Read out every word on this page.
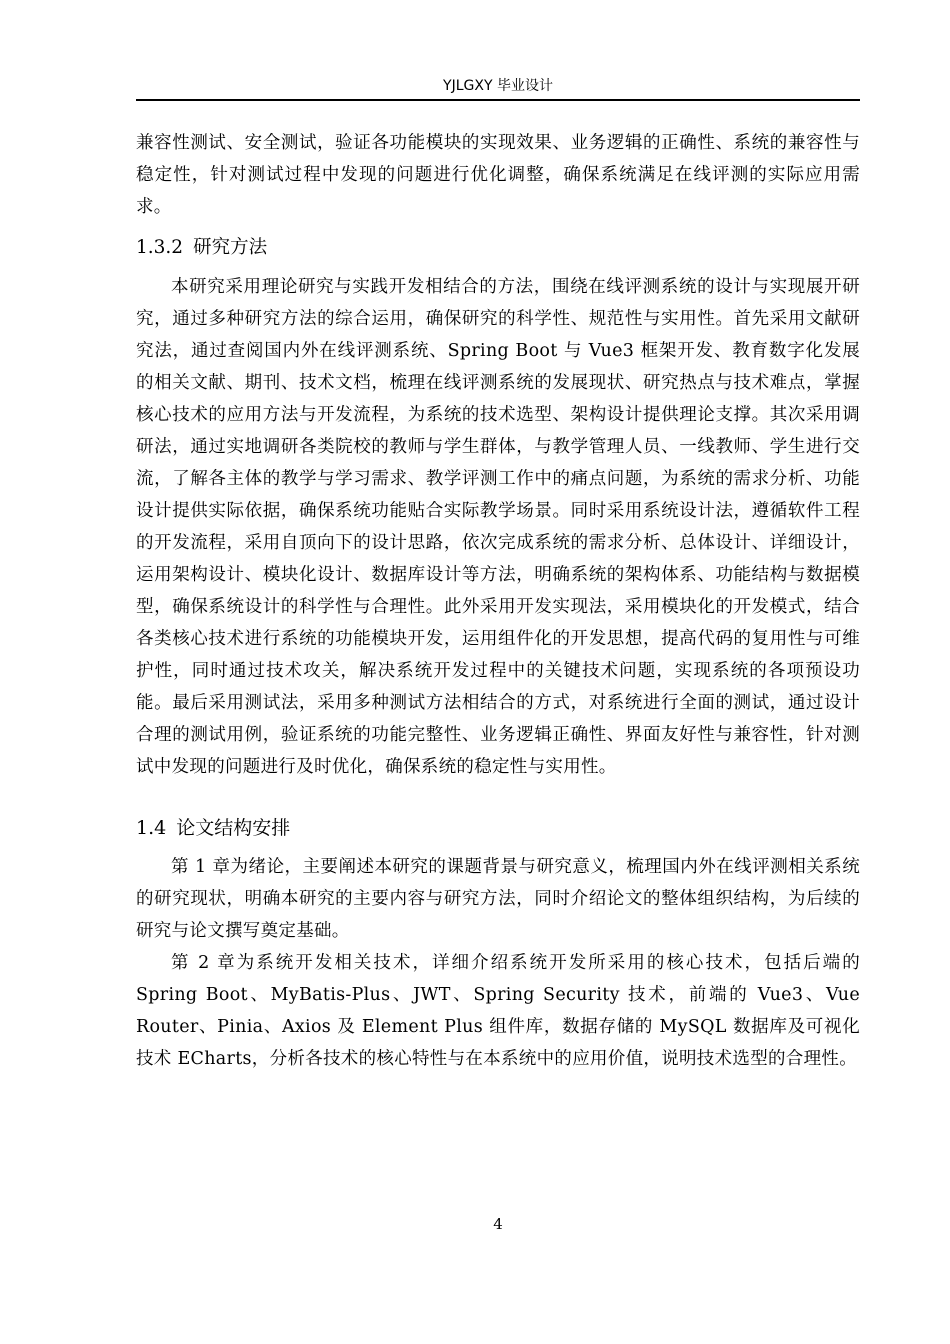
YJLGXY 毕业设计

兼容性测试、安全测试，验证各功能模块的实现效果、业务逻辑的正确性、系统的兼容性与稳定性，针对测试过程中发现的问题进行优化调整，确保系统满足在线评测的实际应用需求。

1.3.2 研究方法

本研究采用理论研究与实践开发相结合的方法，围绕在线评测系统的设计与实现展开研究，通过多种研究方法的综合运用，确保研究的科学性、规范性与实用性。首先采用文献研究法，通过查阅国内外在线评测系统、Spring Boot 与 Vue3 框架开发、教育数字化发展的相关文献、期刊、技术文档，梳理在线评测系统的发展现状、研究热点与技术难点，掌握核心技术的应用方法与开发流程，为系统的技术选型、架构设计提供理论支撑。其次采用调研法，通过实地调研各类院校的教师与学生群体，与教学管理人员、一线教师、学生进行交流，了解各主体的教学与学习需求、教学评测工作中的痛点问题，为系统的需求分析、功能设计提供实际依据，确保系统功能贴合实际教学场景。同时采用系统设计法，遵循软件工程的开发流程，采用自顶向下的设计思路，依次完成系统的需求分析、总体设计、详细设计，运用架构设计、模块化设计、数据库设计等方法，明确系统的架构体系、功能结构与数据模型，确保系统设计的科学性与合理性。此外采用开发实现法，采用模块化的开发模式，结合各类核心技术进行系统的功能模块开发，运用组件化的开发思想，提高代码的复用性与可维护性，同时通过技术攻关，解决系统开发过程中的关键技术问题，实现系统的各项预设功能。最后采用测试法，采用多种测试方法相结合的方式，对系统进行全面的测试，通过设计合理的测试用例，验证系统的功能完整性、业务逻辑正确性、界面友好性与兼容性，针对测试中发现的问题进行及时优化，确保系统的稳定性与实用性。

1.4 论文结构安排

第 1 章为绪论，主要阐述本研究的课题背景与研究意义，梳理国内外在线评测相关系统的研究现状，明确本研究的主要内容与研究方法，同时介绍论文的整体组织结构，为后续的研究与论文撰写奠定基础。

第 2 章为系统开发相关技术，详细介绍系统开发所采用的核心技术，包括后端的 Spring Boot、MyBatis-Plus、JWT、Spring Security 技术，前端的 Vue3、Vue Router、Pinia、Axios 及 Element Plus 组件库，数据存储的 MySQL 数据库及可视化技术 ECharts，分析各技术的核心特性与在本系统中的应用价值，说明技术选型的合理性。

4
